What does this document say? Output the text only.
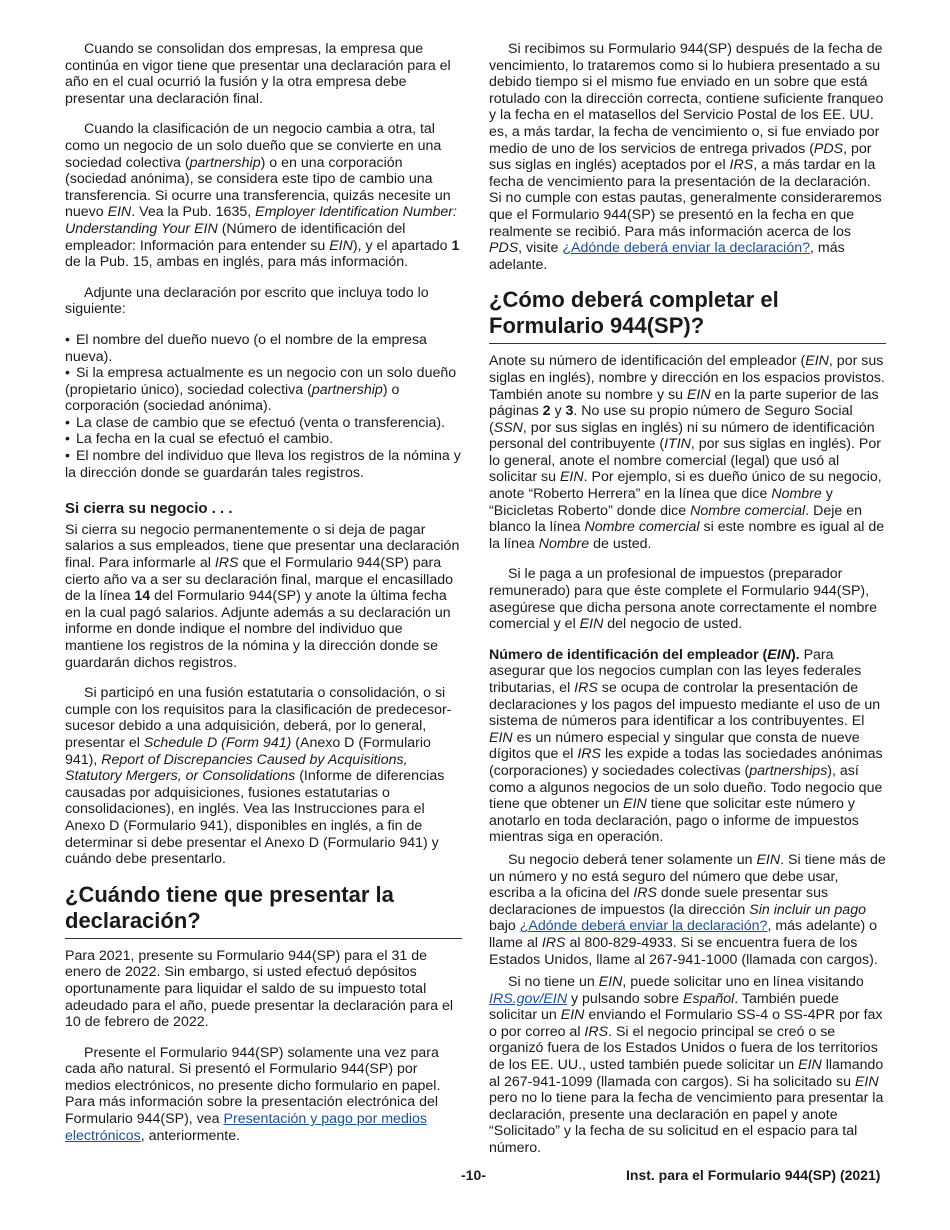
Cuando se consolidan dos empresas, la empresa que continúa en vigor tiene que presentar una declaración para el año en el cual ocurrió la fusión y la otra empresa debe presentar una declaración final.

Cuando la clasificación de un negocio cambia a otra, tal como un negocio de un solo dueño que se convierte en una sociedad colectiva (partnership) o en una corporación (sociedad anónima), se considera este tipo de cambio una transferencia. Si ocurre una transferencia, quizás necesite un nuevo EIN. Vea la Pub. 1635, Employer Identification Number: Understanding Your EIN (Número de identificación del empleador: Información para entender su EIN), y el apartado 1 de la Pub. 15, ambas en inglés, para más información.

Adjunte una declaración por escrito que incluya todo lo siguiente:

• El nombre del dueño nuevo (o el nombre de la empresa nueva).
• Si la empresa actualmente es un negocio con un solo dueño (propietario único), sociedad colectiva (partnership) o corporación (sociedad anónima).
• La clase de cambio que se efectuó (venta o transferencia).
• La fecha en la cual se efectuó el cambio.
• El nombre del individuo que lleva los registros de la nómina y la dirección donde se guardarán tales registros.
Si cierra su negocio . . .

Si cierra su negocio permanentemente o si deja de pagar salarios a sus empleados, tiene que presentar una declaración final. Para informarle al IRS que el Formulario 944(SP) para cierto año va a ser su declaración final, marque el encasillado de la línea 14 del Formulario 944(SP) y anote la última fecha en la cual pagó salarios. Adjunte además a su declaración un informe en donde indique el nombre del individuo que mantiene los registros de la nómina y la dirección donde se guardarán dichos registros.

Si participó en una fusión estatutaria o consolidación, o si cumple con los requisitos para la clasificación de predecesor-sucesor debido a una adquisición, deberá, por lo general, presentar el Schedule D (Form 941) (Anexo D (Formulario 941), Report of Discrepancies Caused by Acquisitions, Statutory Mergers, or Consolidations (Informe de diferencias causadas por adquisiciones, fusiones estatutarias o consolidaciones), en inglés. Vea las Instrucciones para el Anexo D (Formulario 941), disponibles en inglés, a fin de determinar si debe presentar el Anexo D (Formulario 941) y cuándo debe presentarlo.

¿Cuándo tiene que presentar la declaración?

Para 2021, presente su Formulario 944(SP) para el 31 de enero de 2022. Sin embargo, si usted efectuó depósitos oportunamente para liquidar el saldo de su impuesto total adeudado para el año, puede presentar la declaración para el 10 de febrero de 2022.

Presente el Formulario 944(SP) solamente una vez para cada año natural. Si presentó el Formulario 944(SP) por medios electrónicos, no presente dicho formulario en papel. Para más información sobre la presentación electrónica del Formulario 944(SP), vea Presentación y pago por medios electrónicos, anteriormente.

Si recibimos su Formulario 944(SP) después de la fecha de vencimiento, lo trataremos como si lo hubiera presentado a su debido tiempo si el mismo fue enviado en un sobre que está rotulado con la dirección correcta, contiene suficiente franqueo y la fecha en el matasellos del Servicio Postal de los EE. UU. es, a más tardar, la fecha de vencimiento o, si fue enviado por medio de uno de los servicios de entrega privados (PDS, por sus siglas en inglés) aceptados por el IRS, a más tardar en la fecha de vencimiento para la presentación de la declaración. Si no cumple con estas pautas, generalmente consideraremos que el Formulario 944(SP) se presentó en la fecha en que realmente se recibió. Para más información acerca de los PDS, visite ¿Adónde deberá enviar la declaración?, más adelante.

¿Cómo deberá completar el Formulario 944(SP)?

Anote su número de identificación del empleador (EIN, por sus siglas en inglés), nombre y dirección en los espacios provistos. También anote su nombre y su EIN en la parte superior de las páginas 2 y 3. No use su propio número de Seguro Social (SSN, por sus siglas en inglés) ni su número de identificación personal del contribuyente (ITIN, por sus siglas en inglés). Por lo general, anote el nombre comercial (legal) que usó al solicitar su EIN. Por ejemplo, si es dueño único de su negocio, anote “Roberto Herrera” en la línea que dice Nombre y “Bicicletas Roberto” donde dice Nombre comercial. Deje en blanco la línea Nombre comercial si este nombre es igual al de la línea Nombre de usted.

Si le paga a un profesional de impuestos (preparador remunerado) para que éste complete el Formulario 944(SP), asegúrese que dicha persona anote correctamente el nombre comercial y el EIN del negocio de usted.

Número de identificación del empleador (EIN). Para asegurar que los negocios cumplan con las leyes federales tributarias, el IRS se ocupa de controlar la presentación de declaraciones y los pagos del impuesto mediante el uso de un sistema de números para identificar a los contribuyentes. El EIN es un número especial y singular que consta de nueve dígitos que el IRS les expide a todas las sociedades anónimas (corporaciones) y sociedades colectivas (partnerships), así como a algunos negocios de un solo dueño. Todo negocio que tiene que obtener un EIN tiene que solicitar este número y anotarlo en toda declaración, pago o informe de impuestos mientras siga en operación.

Su negocio deberá tener solamente un EIN. Si tiene más de un número y no está seguro del número que debe usar, escriba a la oficina del IRS donde suele presentar sus declaraciones de impuestos (la dirección Sin incluir un pago bajo ¿Adónde deberá enviar la declaración?, más adelante) o llame al IRS al 800-829-4933. Si se encuentra fuera de los Estados Unidos, llame al 267-941-1000 (llamada con cargos).

Si no tiene un EIN, puede solicitar uno en línea visitando IRS.gov/EIN y pulsando sobre Español. También puede solicitar un EIN enviando el Formulario SS-4 o SS-4PR por fax o por correo al IRS. Si el negocio principal se creó o se organizó fuera de los Estados Unidos o fuera de los territorios de los EE. UU., usted también puede solicitar un EIN llamando al 267-941-1099 (llamada con cargos). Si ha solicitado su EIN pero no lo tiene para la fecha de vencimiento para presentar la declaración, presente una declaración en papel y anote “Solicitado” y la fecha de su solicitud en el espacio para tal número.

-10-	Inst. para el Formulario 944(SP) (2021)
